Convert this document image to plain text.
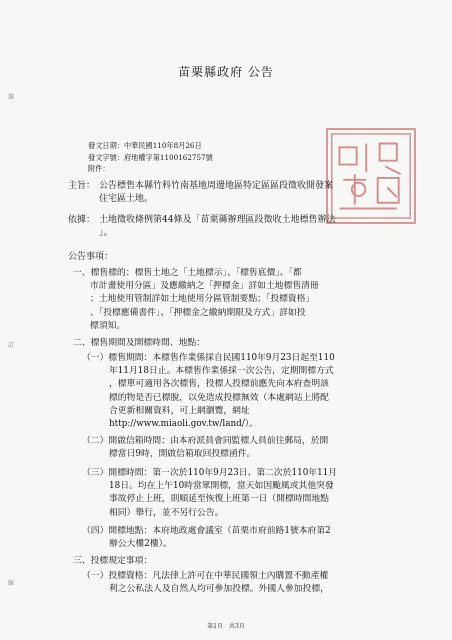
苗栗縣政府 公告
發文日期：中華民國110年8月26日
發文字號：府地權字第1100162757號
附件：
裝
訂
線
主旨： 公告標售本縣竹科竹南基地周邊地區特定區區段徵收開發案
住宅區土地。
依據： 土地徵收條例第44條及「苗栗縣辦理區段徵收土地標售辦法
」。
公告事項：
一、標售標的：標售土地之「土地標示」、「標售底價」、「都
市計畫使用分區」及應繳納之「押標金」詳如土地標售清冊
；土地使用管制詳如土地使用分區管制要點；「投標資格」
、「投標應備書件」、「押標金之繳納期限及方式」詳如投
標須知。
二、標售期間及開標時間、地點：
（一）標售期間：本標售作業係採自民國110年9月23日起至110
年11月18日止。本標售作業係採一次公告，定期開標方式
，標單可適用各次標售，投標人投標前應先向本府查明該
標的物是否已標脫，以免造成投標無效（本處網站上將配
合更新相關資料，可上網瀏覽，網址
http://www.miaoli.gov.tw/land/）。
（二）開啟信箱時間：由本府派員會同監標人員前往郵局，於開
標當日9時，開啟信箱取回投標函件。
（三）開標時間：第一次於110年9月23日、第二次於110年11月
18日。均在上午10時當眾開標，當天如因颱風或其他突發
事故停止上班，則順延至恢復上班第一日（開標時間地點
相同）舉行，並不另行公告。
（四）開標地點：本府地政處會議室（苗栗市府前路1號本府第2
辦公大樓2樓）。
三、投標規定事項：
（一）投標資格：凡法律上許可在中華民國領土內購置不動產權
利之公私法人及自然人均可參加投標。外國人參加投標，
第1頁　共3頁
